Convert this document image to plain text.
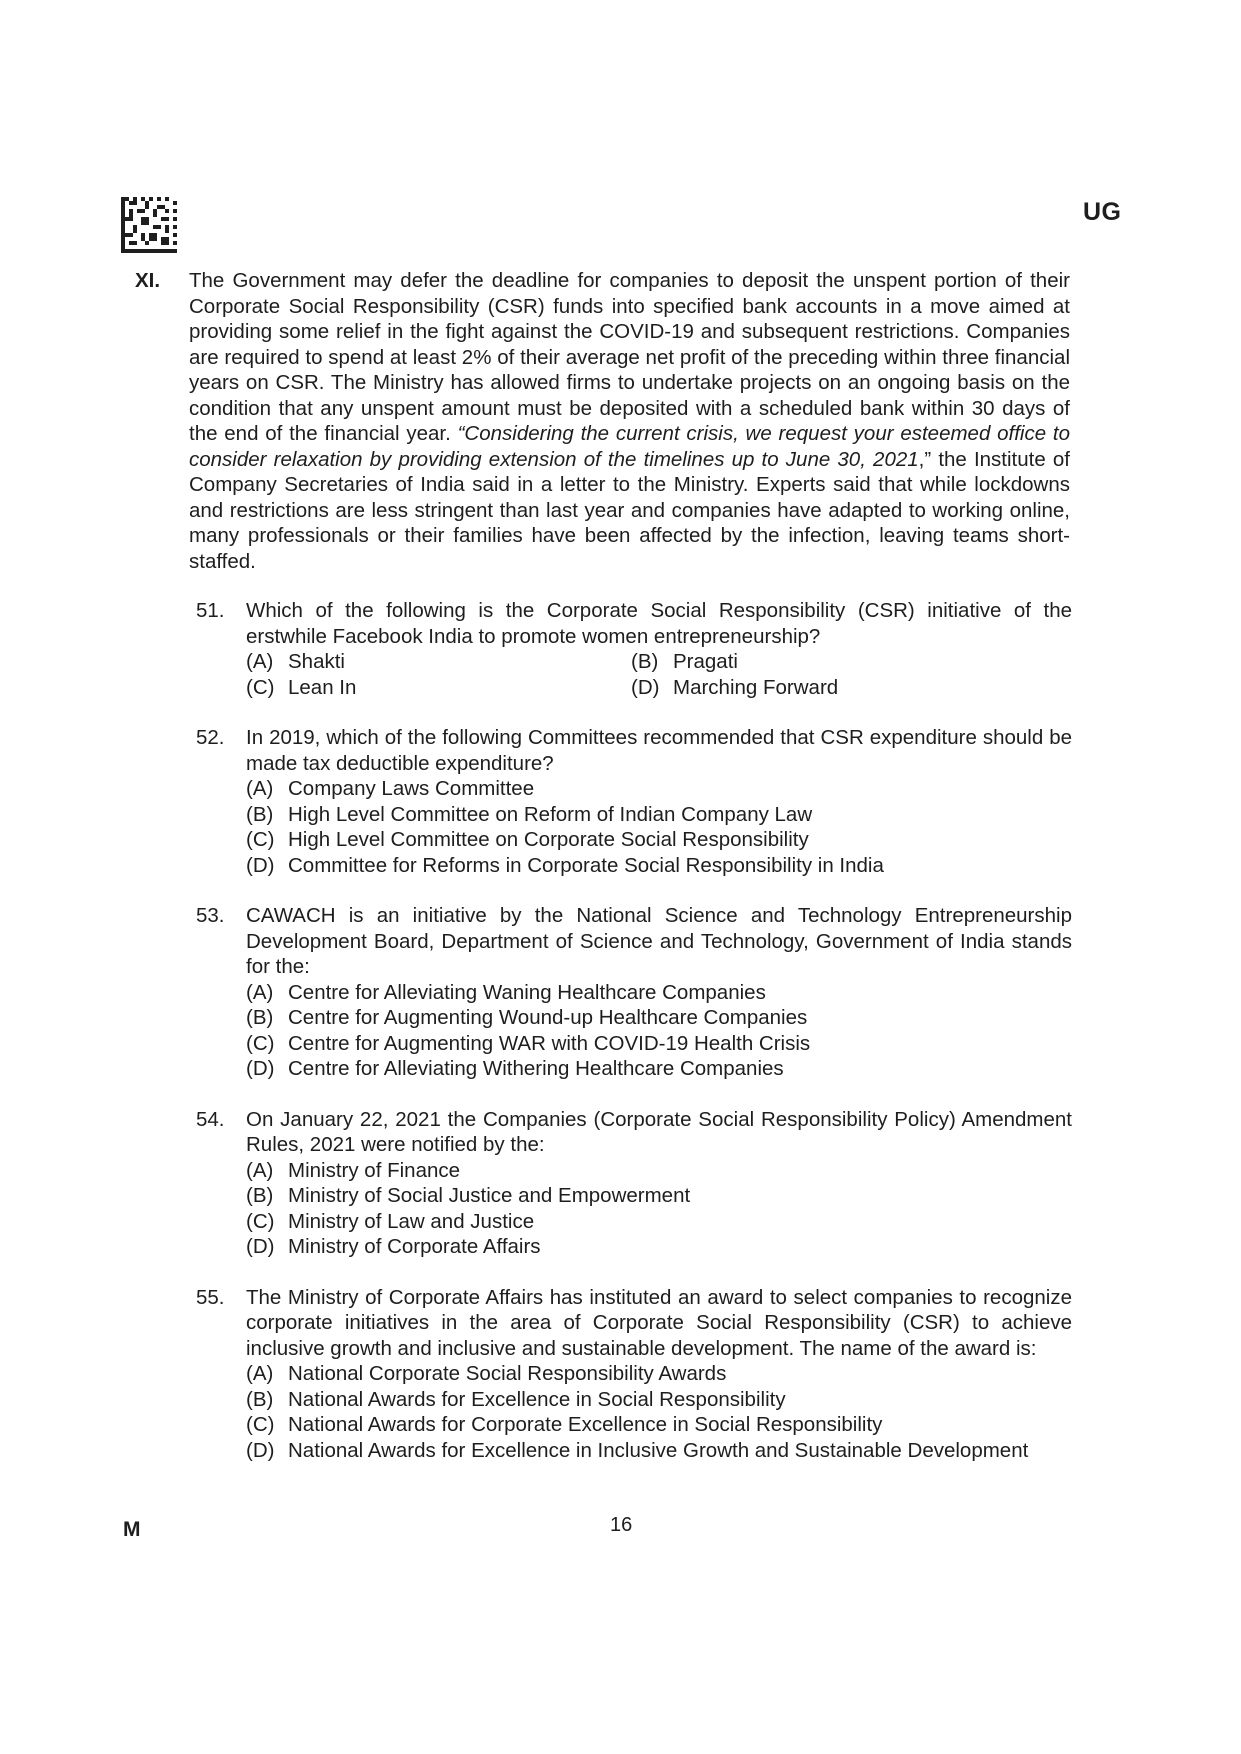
UG
XI. The Government may defer the deadline for companies to deposit the unspent portion of their Corporate Social Responsibility (CSR) funds into specified bank accounts in a move aimed at providing some relief in the fight against the COVID-19 and subsequent restrictions. Companies are required to spend at least 2% of their average net profit of the preceding within three financial years on CSR. The Ministry has allowed firms to undertake projects on an ongoing basis on the condition that any unspent amount must be deposited with a scheduled bank within 30 days of the end of the financial year. “Considering the current crisis, we request your esteemed office to consider relaxation by providing extension of the timelines up to June 30, 2021,” the Institute of Company Secretaries of India said in a letter to the Ministry. Experts said that while lockdowns and restrictions are less stringent than last year and companies have adapted to working online, many professionals or their families have been affected by the infection, leaving teams short-staffed.
51. Which of the following is the Corporate Social Responsibility (CSR) initiative of the erstwhile Facebook India to promote women entrepreneurship?
(A) Shakti	(B) Pragati
(C) Lean In	(D) Marching Forward
52. In 2019, which of the following Committees recommended that CSR expenditure should be made tax deductible expenditure?
(A) Company Laws Committee
(B) High Level Committee on Reform of Indian Company Law
(C) High Level Committee on Corporate Social Responsibility
(D) Committee for Reforms in Corporate Social Responsibility in India
53. CAWACH is an initiative by the National Science and Technology Entrepreneurship Development Board, Department of Science and Technology, Government of India stands for the:
(A) Centre for Alleviating Waning Healthcare Companies
(B) Centre for Augmenting Wound-up Healthcare Companies
(C) Centre for Augmenting WAR with COVID-19 Health Crisis
(D) Centre for Alleviating Withering Healthcare Companies
54. On January 22, 2021 the Companies (Corporate Social Responsibility Policy) Amendment Rules, 2021 were notified by the:
(A) Ministry of Finance
(B) Ministry of Social Justice and Empowerment
(C) Ministry of Law and Justice
(D) Ministry of Corporate Affairs
55. The Ministry of Corporate Affairs has instituted an award to select companies to recognize corporate initiatives in the area of Corporate Social Responsibility (CSR) to achieve inclusive growth and inclusive and sustainable development. The name of the award is:
(A) National Corporate Social Responsibility Awards
(B) National Awards for Excellence in Social Responsibility
(C) National Awards for Corporate Excellence in Social Responsibility
(D) National Awards for Excellence in Inclusive Growth and Sustainable Development
M	16
